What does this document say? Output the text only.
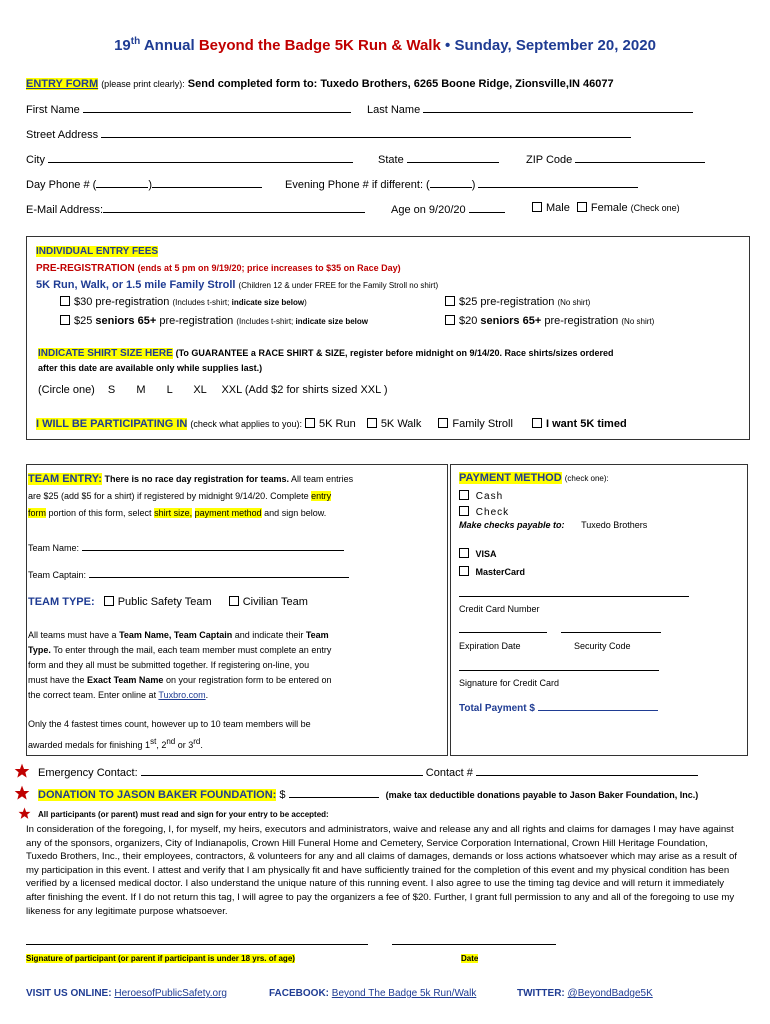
19th Annual Beyond the Badge 5K Run & Walk • Sunday, September 20, 2020
ENTRY FORM (please print clearly): Send completed form to: Tuxedo Brothers, 6265 Boone Ridge, Zionsville,IN 46077
First Name	Last Name
Street Address
City	State	ZIP Code
Day Phone # (	)	Evening Phone # if different: (	)
E-Mail Address:	Age on 9/20/20	Male Female (Check one)
INDIVIDUAL ENTRY FEES
PRE-REGISTRATION (ends at 5 pm on 9/19/20; price increases to $35 on Race Day)
5K Run, Walk, or 1.5 mile Family Stroll (Children 12 & under FREE for the Family Stroll no shirt)
$30 pre-registration (Includes t-shirt; indicate size below)	$25 pre-registration (No shirt)
$25 seniors 65+ pre-registration (Includes t-shirt; indicate size below	$20 seniors 65+ pre-registration (No shirt)
INDICATE SHIRT SIZE HERE (To GUARANTEE a RACE SHIRT & SIZE, register before midnight on 9/14/20. Race shirts/sizes ordered
after this date are available only while supplies last.)
(Circle one) S M L XL XXL (Add $2 for shirts sized XXL )
I WILL BE PARTICIPATING IN (check what applies to you): 5K Run 5K Walk	Family Stroll	I want 5K timed
TEAM ENTRY: There is no race day registration for teams. All team entries
are $25 (add $5 for a shirt) if registered by midnight 9/14/20. Complete entry
form portion of this form, select shirt size, payment method and sign below.
Team Name:
Team Captain:
TEAM TYPE: Public Safety Team	Civilian Team
All teams must have a Team Name, Team Captain and indicate their Team
Type. To enter through the mail, each team member must complete an entry
form and they all must be submitted together. If registering on-line, you
must have the Exact Team Name on your registration form to be entered on
the correct team. Enter online at Tuxbro.com.
Only the 4 fastest times count, however up to 10 team members will be
awarded medals for finishing 1st, 2nd or 3rd.
PAYMENT METHOD (check one):
Cash
Check
Make checks payable to: Tuxedo Brothers
VISA
MasterCard
Credit Card Number
Expiration Date	Security Code
Signature for Credit Card
Total Payment $
Emergency Contact:	Contact #
DONATION TO JASON BAKER FOUNDATION: $	(make tax deductible donations payable to Jason Baker Foundation, Inc.)
All participants (or parent) must read and sign for your entry to be accepted:
In consideration of the foregoing, I, for myself, my heirs, executors and administrators, waive and release any and all rights and claims for damages I may have against any of the sponsors, organizers, City of Indianapolis, Crown Hill Funeral Home and Cemetery, Service Corporation International, Crown Hill Heritage Foundation, Tuxedo Brothers, Inc., their employees, contractors, & volunteers for any and all claims of damages, demands or loss actions whatsoever which may arise as a result of my participation in this event. I attest and verify that I am physically fit and have sufficiently trained for the completion of this event and my physical condition has been verified by a licensed medical doctor. I also understand the unique nature of this running event. I also agree to use the timing tag device and will return it immediately after finishing the event. If I do not return this tag, I will agree to pay the organizers a fee of $20. Further, I grant full permission to any and all of the foregoing to use my likeness for any legitimate purpose whatsoever.
Signature of participant (or parent if participant is under 18 yrs. of age)	Date
VISIT US ONLINE: HeroesofPublicSafety.org	FACEBOOK: Beyond The Badge 5k Run/Walk	TWITTER: @BeyondBadge5K
